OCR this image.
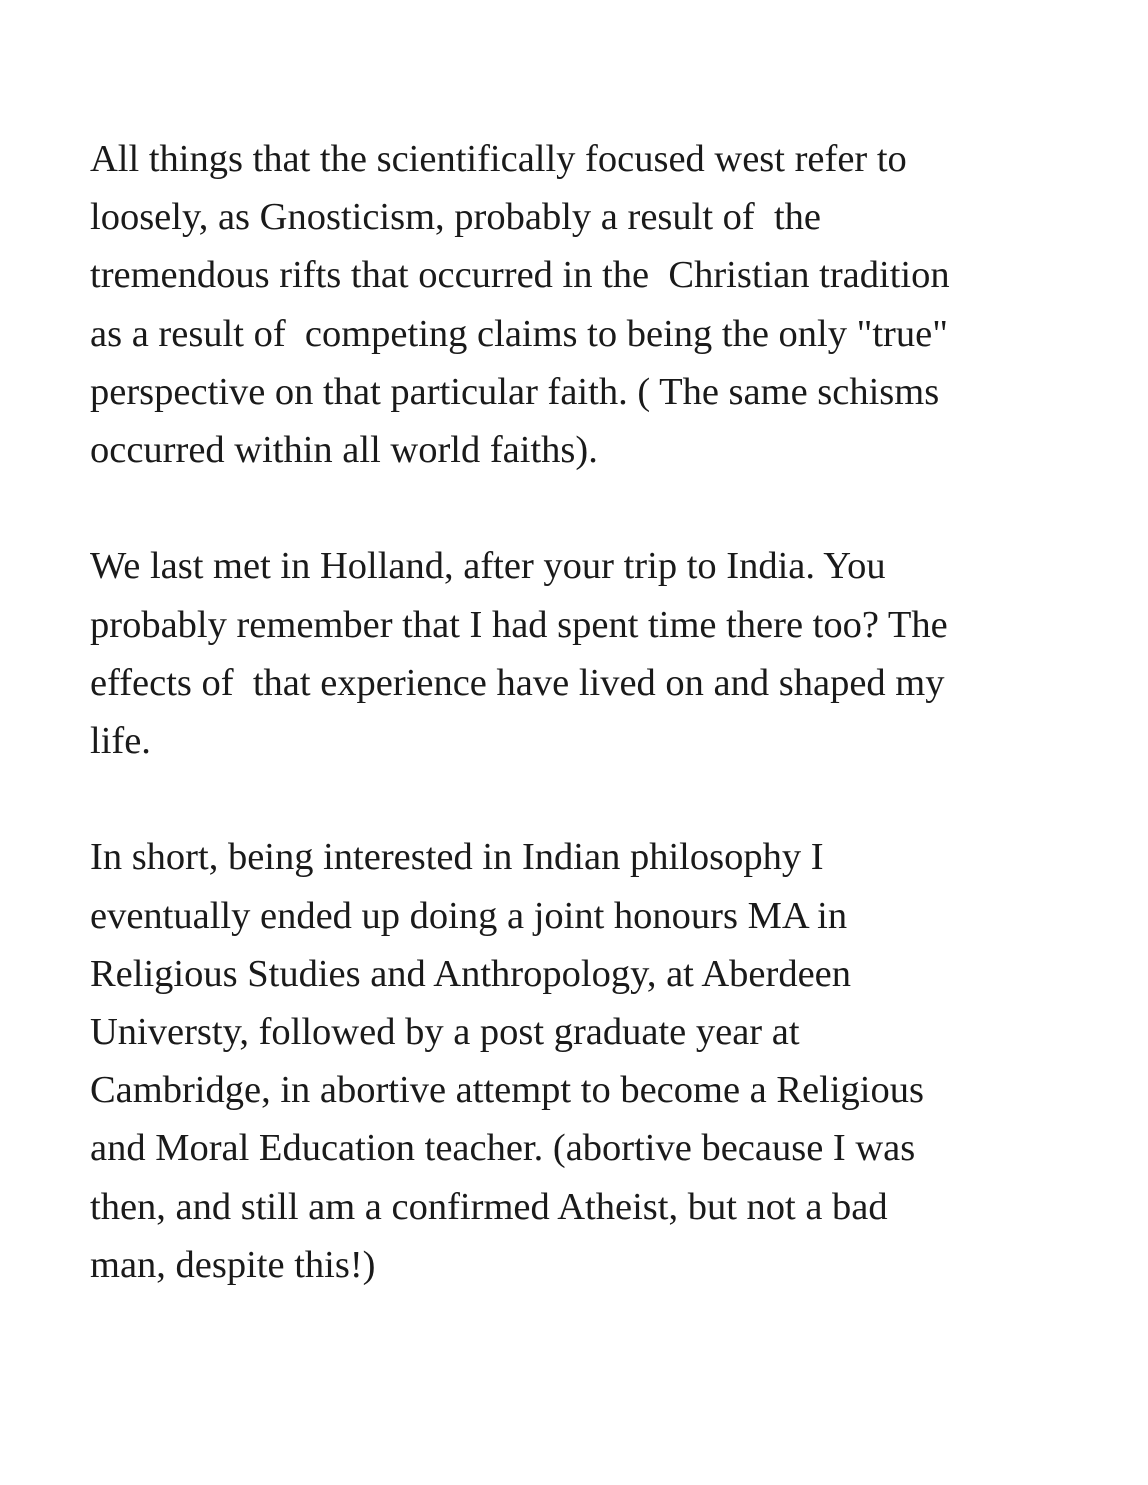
All things that the scientifically focused west refer to
loosely, as Gnosticism, probably a result of  the
tremendous rifts that occurred in the  Christian tradition
as a result of  competing claims to being the only "true"
perspective on that particular faith. ( The same schisms
occurred within all world faiths).

We last met in Holland, after your trip to India. You
probably remember that I had spent time there too? The
effects of  that experience have lived on and shaped my
life.

In short, being interested in Indian philosophy I
eventually ended up doing a joint honours MA in
Religious Studies and Anthropology, at Aberdeen
Universty, followed by a post graduate year at
Cambridge, in abortive attempt to become a Religious
and Moral Education teacher. (abortive because I was
then, and still am a confirmed Atheist, but not a bad
man, despite this!)
